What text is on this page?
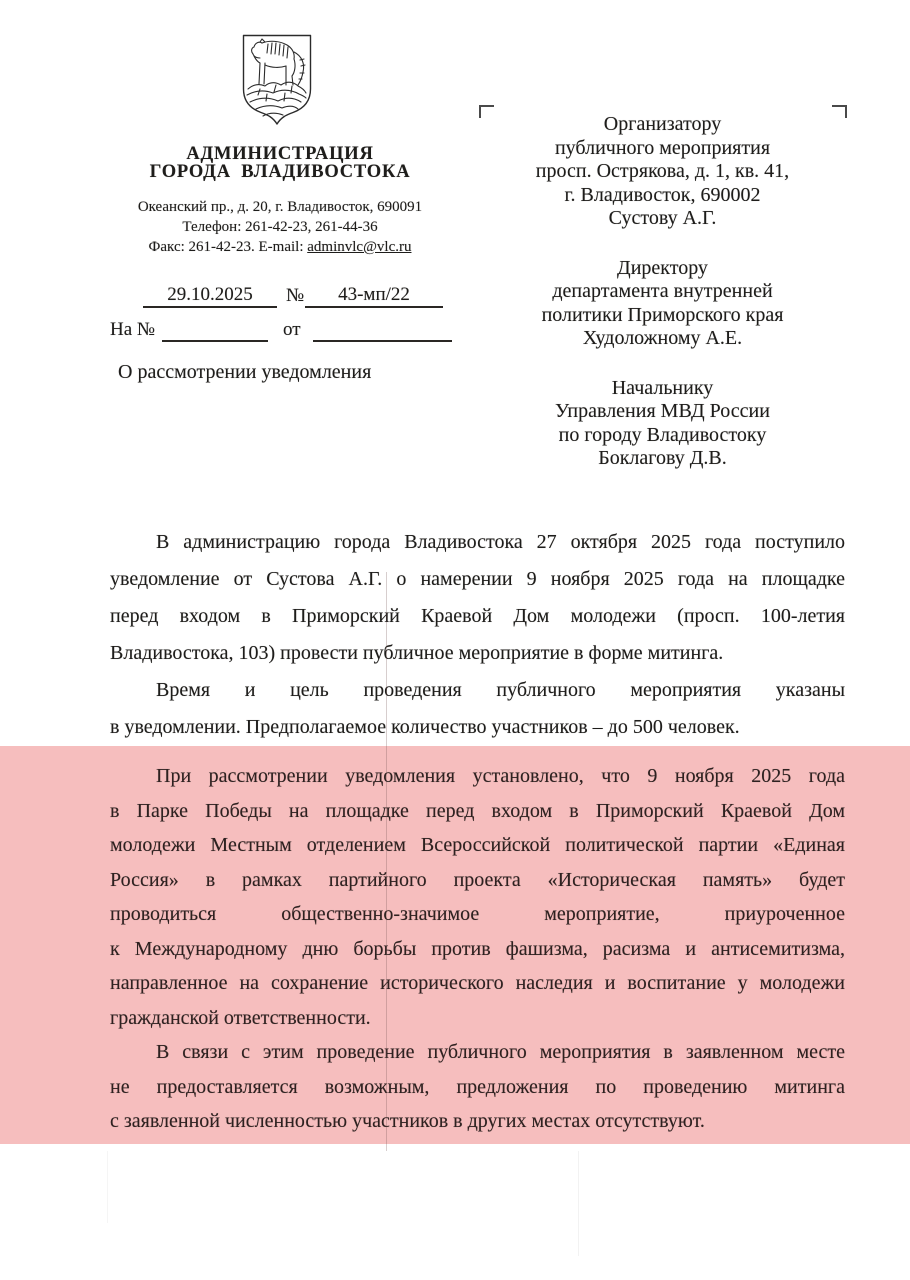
АДМИНИСТРАЦИЯ
ГОРОДА ВЛАДИВОСТОКА
Океанский пр., д. 20, г. Владивосток, 690091
Телефон: 261-42-23, 261-44-36
Факс: 261-42-23. E-mail: adminvlc@vlc.ru
29.10.2025	№	43-мп/22
На №	от
О рассмотрении уведомления
Организатору
публичного мероприятия
просп. Острякова, д. 1, кв. 41,
г. Владивосток, 690002
Сустову А.Г.
Директору
департамента внутренней
политики Приморского края
Худоложному А.Е.
Начальнику
Управления МВД России
по городу Владивостоку
Боклагову Д.В.
В администрацию города Владивостока 27 октября 2025 года поступило
уведомление от Сустова А.Г. о намерении 9 ноября 2025 года на площадке
перед входом в Приморский Краевой Дом молодежи (просп. 100-летия
Владивостока, 103) провести публичное мероприятие в форме митинга.
Время и цель проведения публичного мероприятия указаны
в уведомлении. Предполагаемое количество участников – до 500 человек.
При рассмотрении уведомления установлено, что 9 ноября 2025 года
в Парке Победы на площадке перед входом в Приморский Краевой Дом
молодежи Местным отделением Всероссийской политической партии «Единая
Россия» в рамках партийного проекта «Историческая память» будет
проводиться общественно-значимое мероприятие, приуроченное
к Международному дню борьбы против фашизма, расизма и антисемитизма,
направленное на сохранение исторического наследия и воспитание у молодежи
гражданской ответственности.
В связи с этим проведение публичного мероприятия в заявленном месте
не предоставляется возможным, предложения по проведению митинга
с заявленной численностью участников в других местах отсутствуют.
